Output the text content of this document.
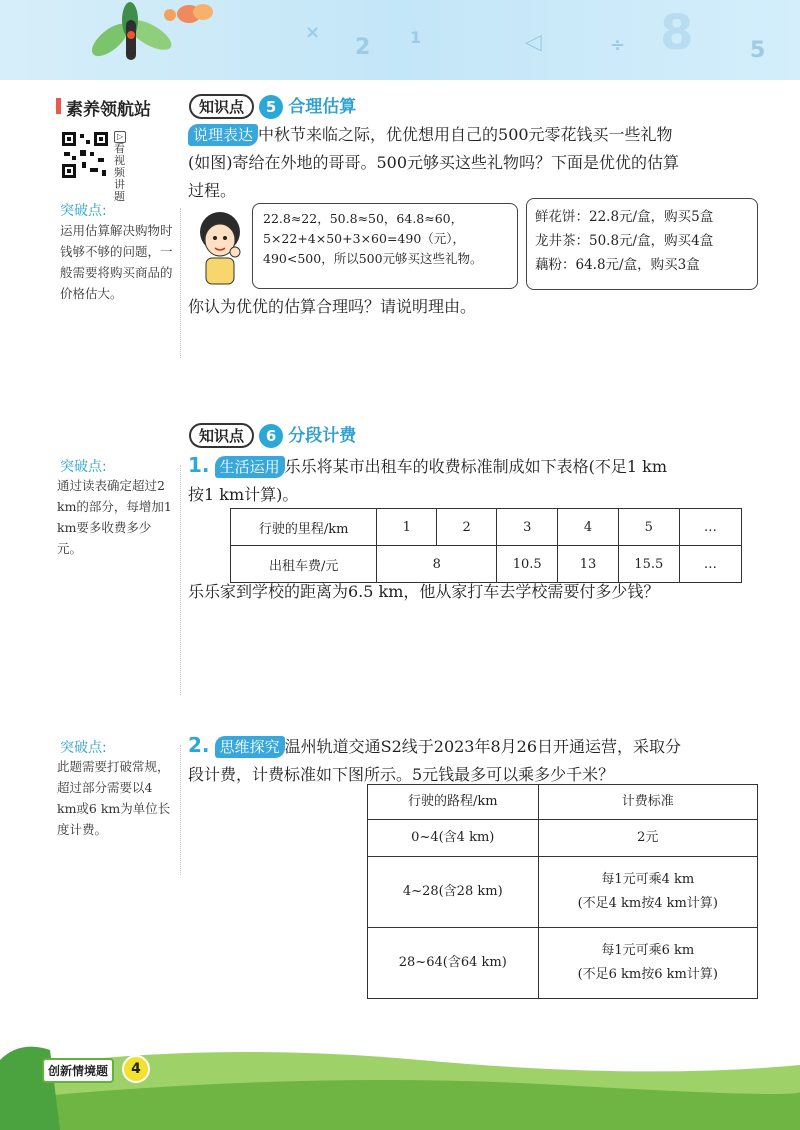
×
2 1	◁	÷ 8	5
素养领航站
▷
看视频讲题
突破点:
运用估算解决购物时钱够不够的问题，一般需要将购买商品的价格估大。
突破点:
通过读表确定超过2 km的部分，每增加1 km要多收费多少元。
突破点:
此题需要打破常规，超过部分需要以4 km或6 km为单位长度计费。
知识点 5 合理估算
说理表达 中秋节来临之际，优优想用自己的500元零花钱买一些礼物
(如图)寄给在外地的哥哥。500元够买这些礼物吗？下面是优优的估算
过程。
22.8≈22，50.8≈50，64.8≈60，
5×22+4×50+3×60=490（元），
490<500，所以500元够买这些礼物。
鲜花饼：22.8元/盒，购买5盒
龙井茶：50.8元/盒，购买4盒
藕粉：64.8元/盒，购买3盒
你认为优优的估算合理吗？请说明理由。
知识点 6 分段计费
1. 生活运用 乐乐将某市出租车的收费标准制成如下表格(不足1 km
按1 km计算)。
行驶的里程/km	1	2	3	4	5	…
出租车费/元	8		10.5	13	15.5	…
乐乐家到学校的距离为6.5 km，他从家打车去学校需要付多少钱？
2. 思维探究 温州轨道交通S2线于2023年8月26日开通运营，采取分
段计费，计费标准如下图所示。5元钱最多可以乘多少千米？
行驶的路程/km	计费标准
0~4(含4 km)	2元
4~28(含28 km)	每1元可乘4 km
(不足4 km按4 km计算)

28~64(含64 km)	每1元可乘6 km
(不足6 km按6 km计算)
创新情境题	4
